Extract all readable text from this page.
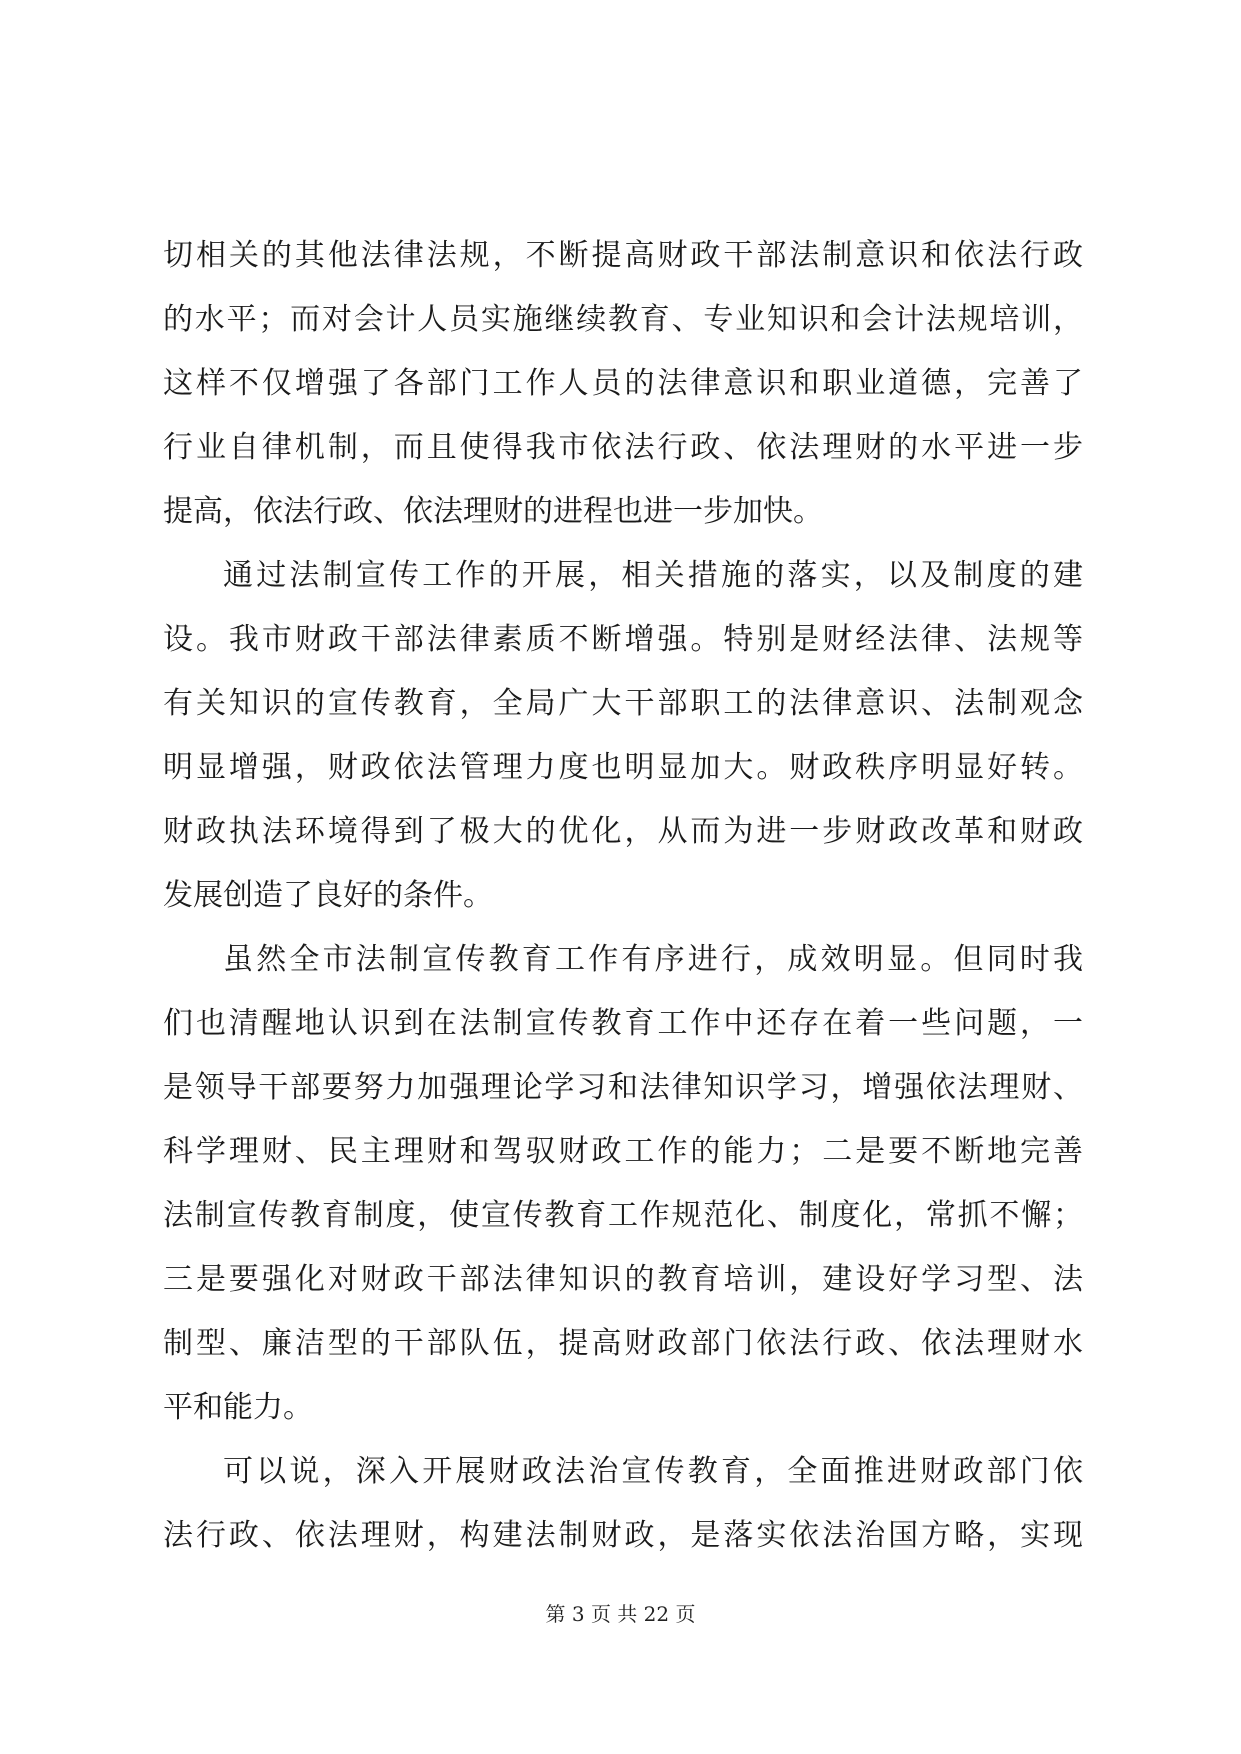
切相关的其他法律法规，不断提高财政干部法制意识和依法行政
的水平；而对会计人员实施继续教育、专业知识和会计法规培训，
这样不仅增强了各部门工作人员的法律意识和职业道德，完善了
行业自律机制，而且使得我市依法行政、依法理财的水平进一步
提高，依法行政、依法理财的进程也进一步加快。
通过法制宣传工作的开展，相关措施的落实，以及制度的建
设。我市财政干部法律素质不断增强。特别是财经法律、法规等
有关知识的宣传教育，全局广大干部职工的法律意识、法制观念
明显增强，财政依法管理力度也明显加大。财政秩序明显好转。
财政执法环境得到了极大的优化，从而为进一步财政改革和财政
发展创造了良好的条件。
虽然全市法制宣传教育工作有序进行，成效明显。但同时我
们也清醒地认识到在法制宣传教育工作中还存在着一些问题，一
是领导干部要努力加强理论学习和法律知识学习，增强依法理财、
科学理财、民主理财和驾驭财政工作的能力；二是要不断地完善
法制宣传教育制度，使宣传教育工作规范化、制度化，常抓不懈；
三是要强化对财政干部法律知识的教育培训，建设好学习型、法
制型、廉洁型的干部队伍，提高财政部门依法行政、依法理财水
平和能力。
可以说，深入开展财政法治宣传教育，全面推进财政部门依
法行政、依法理财，构建法制财政，是落实依法治国方略，实现
第 3 页 共 22 页
